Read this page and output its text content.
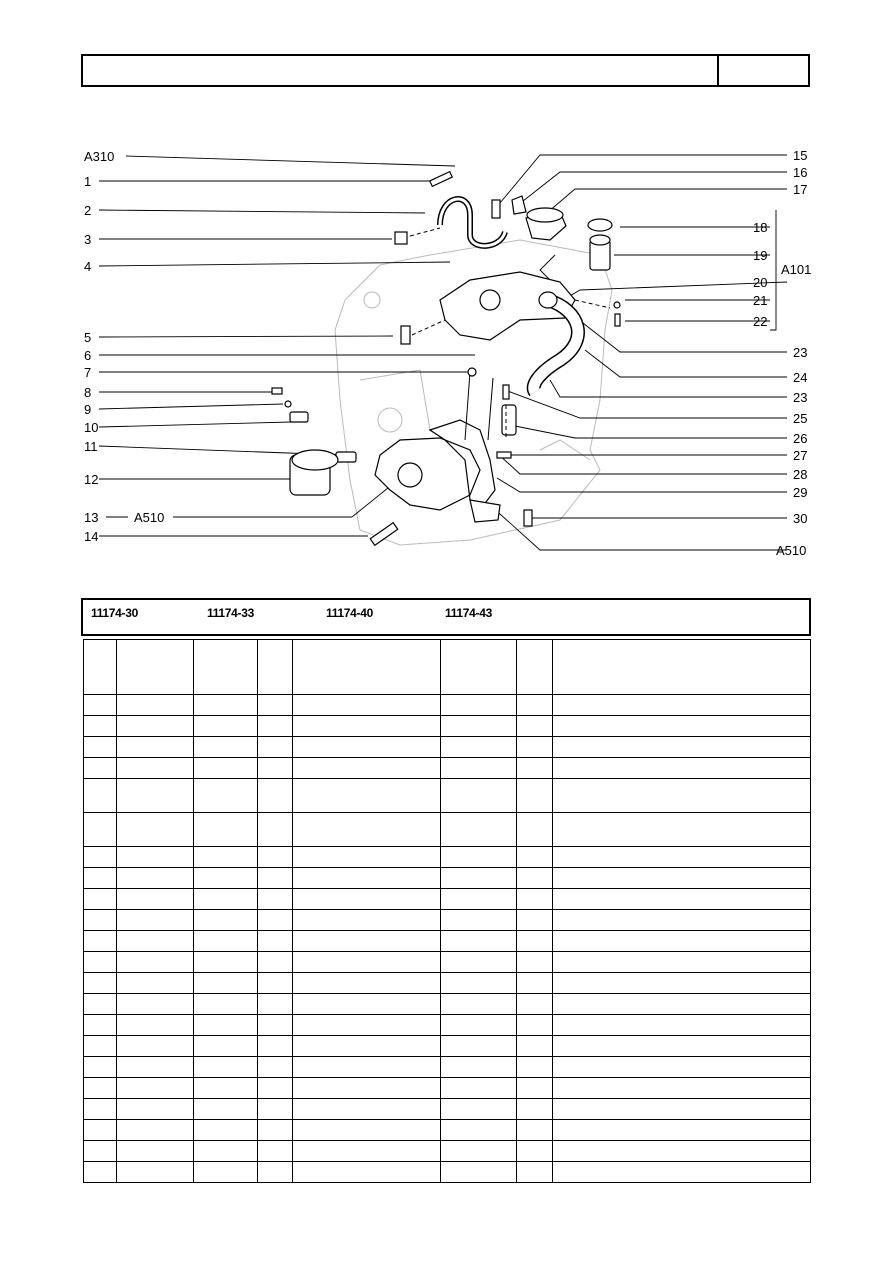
A310
1
2
3
4
5
6
7
8
9
10
11
12
13	A510
14
15
16
17
18
19
A101
20
21
22
23
24
23
25
26
27
28
29
30
A510
11174-30	11174-33	11174-40	11174-43
